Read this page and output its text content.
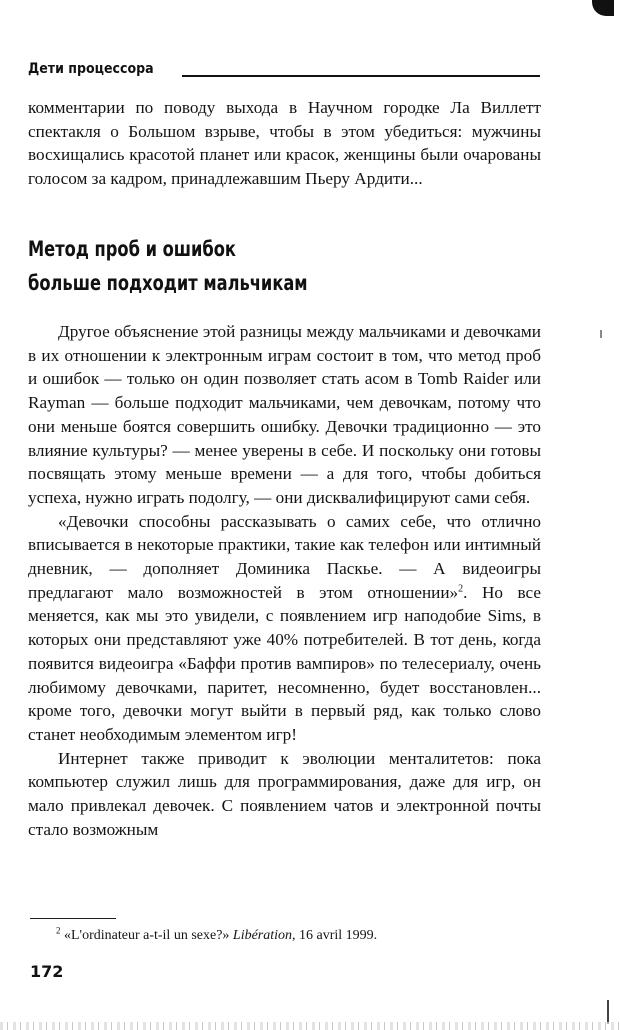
Дети процессора

комментарии по поводу выхода в Научном городке Ла Виллетт спектакля о Большом взрыве, чтобы в этом убедиться: мужчины восхищались красотой планет или красок, женщины были очарованы голосом за кадром, принадлежавшим Пьеру Ардити...

Метод проб и ошибок
больше подходит мальчикам

Другое объяснение этой разницы между мальчиками и девочками в их отношении к электронным играм состоит в том, что метод проб и ошибок — только он один позволяет стать асом в Tomb Raider или Rayman — больше подходит мальчиками, чем девочкам, потому что они меньше боятся совершить ошибку. Девочки традиционно — это влияние культуры? — менее уверены в себе. И поскольку они готовы посвящать этому меньше времени — а для того, чтобы добиться успеха, нужно играть подолгу, — они дисквалифицируют сами себя.

«Девочки способны рассказывать о самих себе, что отлично вписывается в некоторые практики, такие как телефон или интимный дневник, — дополняет Доминика Паскье. — А видеоигры предлагают мало возможностей в этом отношении»$^2$. Но все меняется, как мы это увидели, с появлением игр наподобие Sims, в которых они представляют уже 40% потребителей. В тот день, когда появится видеоигра «Баффи против вампиров» по телесериалу, очень любимому девочками, паритет, несомненно, будет восстановлен... кроме того, девочки могут выйти в первый ряд, как только слово станет необходимым элементом игр!

Интернет также приводит к эволюции менталитетов: пока компьютер служил лишь для программирования, даже для игр, он мало привлекал девочек. С появлением чатов и электронной почты стало возможным

$^2$ «L'ordinateur a-t-il un sexe?» Libération, 16 avril 1999.
172
